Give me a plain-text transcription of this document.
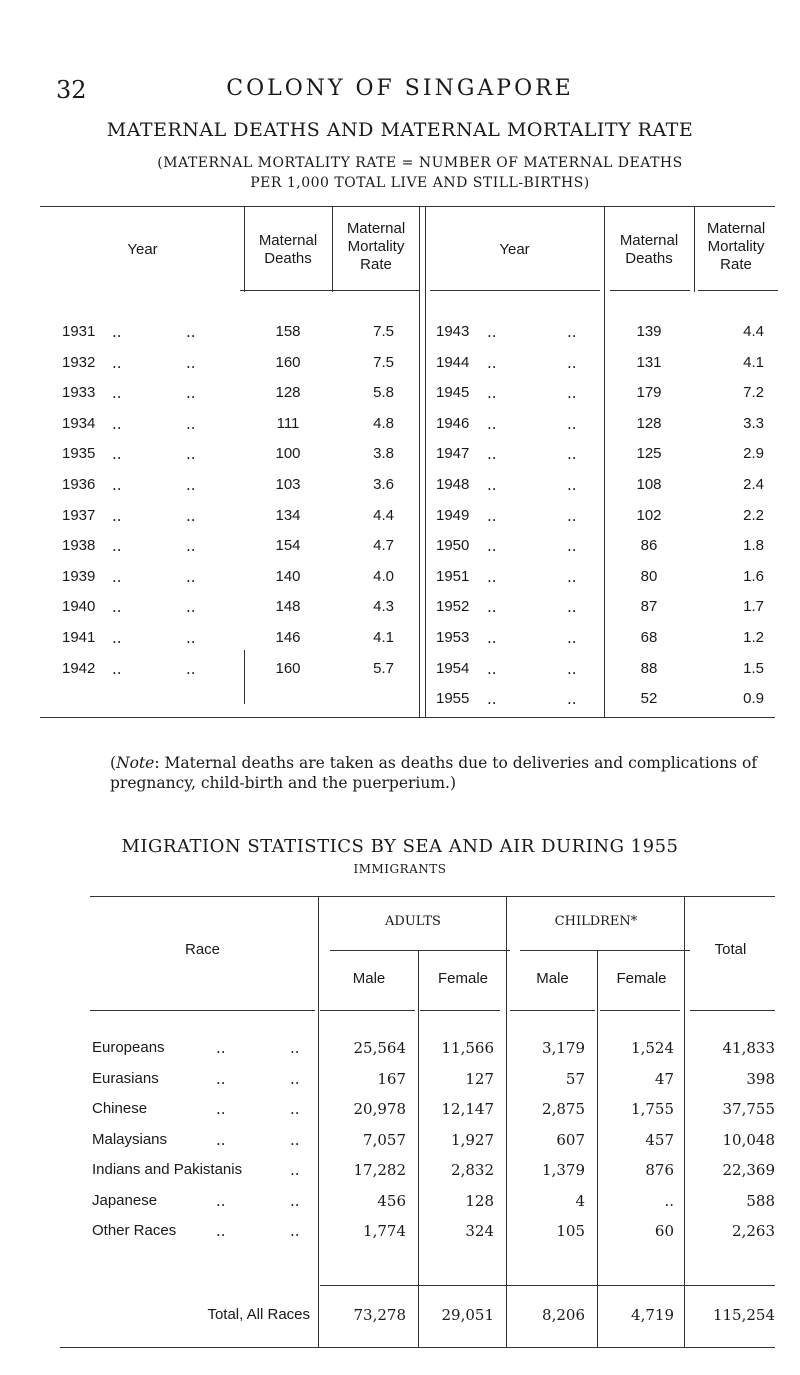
32	COLONY OF SINGAPORE
MATERNAL DEATHS AND MATERNAL MORTALITY RATE
(MATERNAL MORTALITY RATE = NUMBER OF MATERNAL DEATHS
PER 1,000 TOTAL LIVE AND STILL-BIRTHS)
Year
Maternal Deaths
Maternal Mortality Rate
Year
Maternal Deaths
Maternal Mortality Rate
1931	..	..	158	7.5
1932	..	..	160	7.5
1933	..	..	128	5.8
1934	..	..	111	4.8
1935	..	..	100	3.8
1936	..	..	103	3.6
1937	..	..	134	4.4
1938	..	..	154	4.7
1939	..	..	140	4.0
1940	..	..	148	4.3
1941	..	..	146	4.1
1942	..	..	160	5.7
1943	..	..	139	4.4
1944	..	..	131	4.1
1945	..	..	179	7.2
1946	..	..	128	3.3
1947	..	..	125	2.9
1948	..	..	108	2.4
1949	..	..	102	2.2
1950	..	..	86	1.8
1951	..	..	80	1.6
1952	..	..	87	1.7
1953	..	..	68	1.2
1954	..	..	88	1.5
1955	..	..	52	0.9
(Note: Maternal deaths are taken as deaths due to deliveries and complications of pregnancy, child-birth and the puerperium.)
MIGRATION STATISTICS BY SEA AND AIR DURING 1955
IMMIGRANTS
Race
ADULTS	CHILDREN*
Total
Male	Female	Male	Female
Europeans	..	..	25,564	11,566	3,179	1,524	41,833
Eurasians	..	..	167	127	57	47	398
Chinese	..	..	20,978	12,147	2,875	1,755	37,755
Malaysians	..	..	7,057	1,927	607	457	10,048
Indians and Pakistanis	..	17,282	2,832	1,379	876	22,369
Japanese	..	..	456	128	4	..	588
Other Races	..	..	1,774	324	105	60	2,263
Total, All Races	73,278	29,051	8,206	4,719	115,254
